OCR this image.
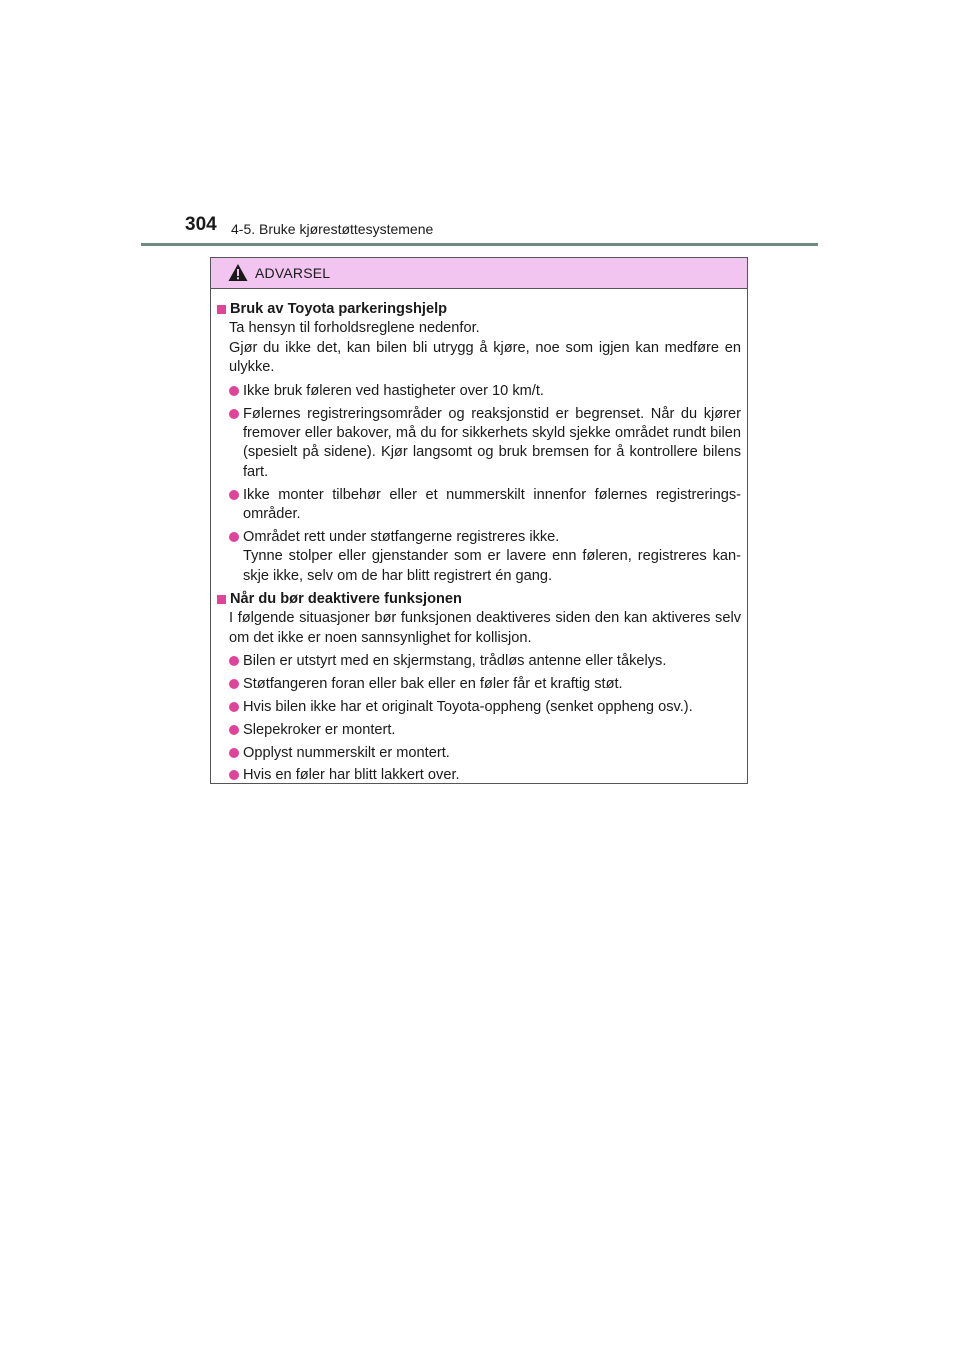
304 4-5. Bruke kjørestøttesystemene
ADVARSEL
Bruk av Toyota parkeringshjelp

Ta hensyn til forholdsreglene nedenfor.

Gjør du ikke det, kan bilen bli utrygg å kjøre, noe som igjen kan medføre en ulykke.

Ikke bruk føleren ved hastigheter over 10 km/t.
Følernes registreringsområder og reaksjonstid er begrenset. Når du kjører fremover eller bakover, må du for sikkerhets skyld sjekke området rundt bilen (spesielt på sidene). Kjør langsomt og bruk bremsen for å kontrollere bilens fart.
Ikke monter tilbehør eller et nummerskilt innenfor følernes registrerings-områder.
Området rett under støtfangerne registreres ikke.
Tynne stolper eller gjenstander som er lavere enn føleren, registreres kan-skje ikke, selv om de har blitt registrert én gang.
Når du bør deaktivere funksjonen

I følgende situasjoner bør funksjonen deaktiveres siden den kan aktiveres selv om det ikke er noen sannsynlighet for kollisjon.

Bilen er utstyrt med en skjermstang, trådløs antenne eller tåkelys.
Støtfangeren foran eller bak eller en føler får et kraftig støt.
Hvis bilen ikke har et originalt Toyota-oppheng (senket oppheng osv.).
Slepekroker er montert.
Opplyst nummerskilt er montert.
Hvis en føler har blitt lakkert over.
